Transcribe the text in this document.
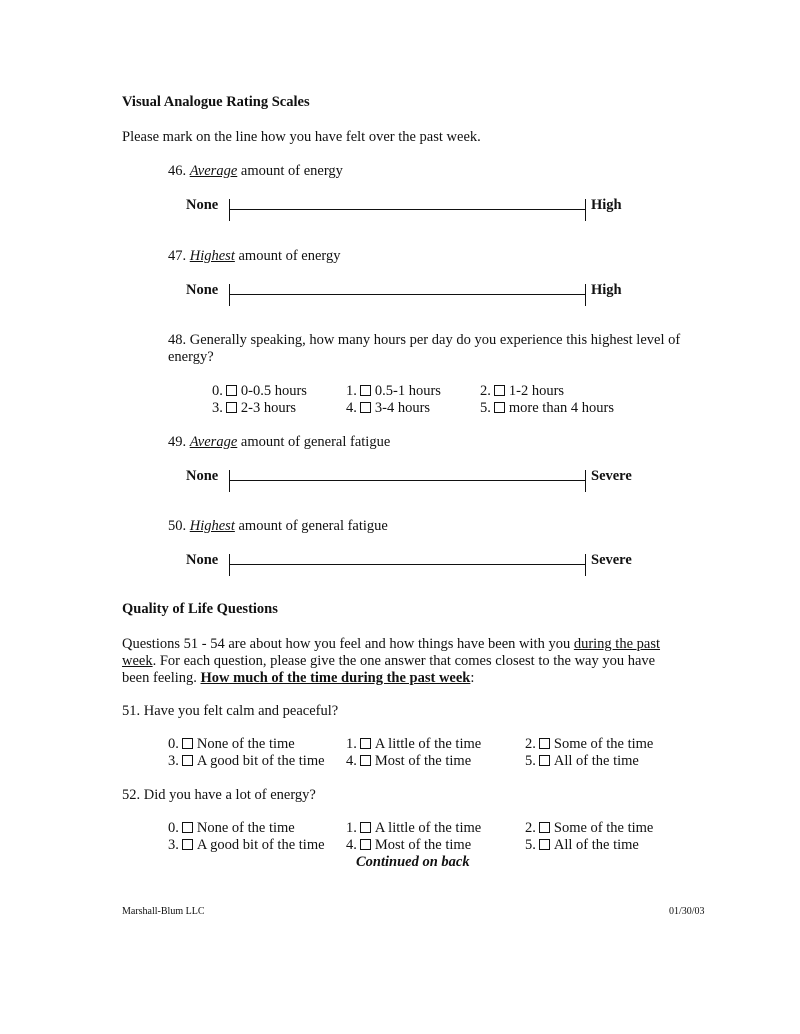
Visual Analogue Rating Scales
Please mark on the line how you have felt over the past week.
46. Average amount of energy
None	High
47. Highest amount of energy
None	High
48. Generally speaking, how many hours per day do you experience this highest level of energy?
0. 0-0.5 hours	1. 0.5-1 hours	2. 1-2 hours
3. 2-3 hours	4. 3-4 hours	5. more than 4 hours
49. Average amount of general fatigue
None	Severe
50. Highest amount of general fatigue
None	Severe
Quality of Life Questions
Questions 51 - 54 are about how you feel and how things have been with you during the past week. For each question, please give the one answer that comes closest to the way you have been feeling. How much of the time during the past week:
51. Have you felt calm and peaceful?
0. None of the time	1. A little of the time	2. Some of the time
3. A good bit of the time 4. Most of the time	5. All of the time
52. Did you have a lot of energy?
0. None of the time	1. A little of the time	2. Some of the time
3. A good bit of the time 4. Most of the time	5. All of the time
Continued on back
Marshall-Blum LLC	01/30/03
